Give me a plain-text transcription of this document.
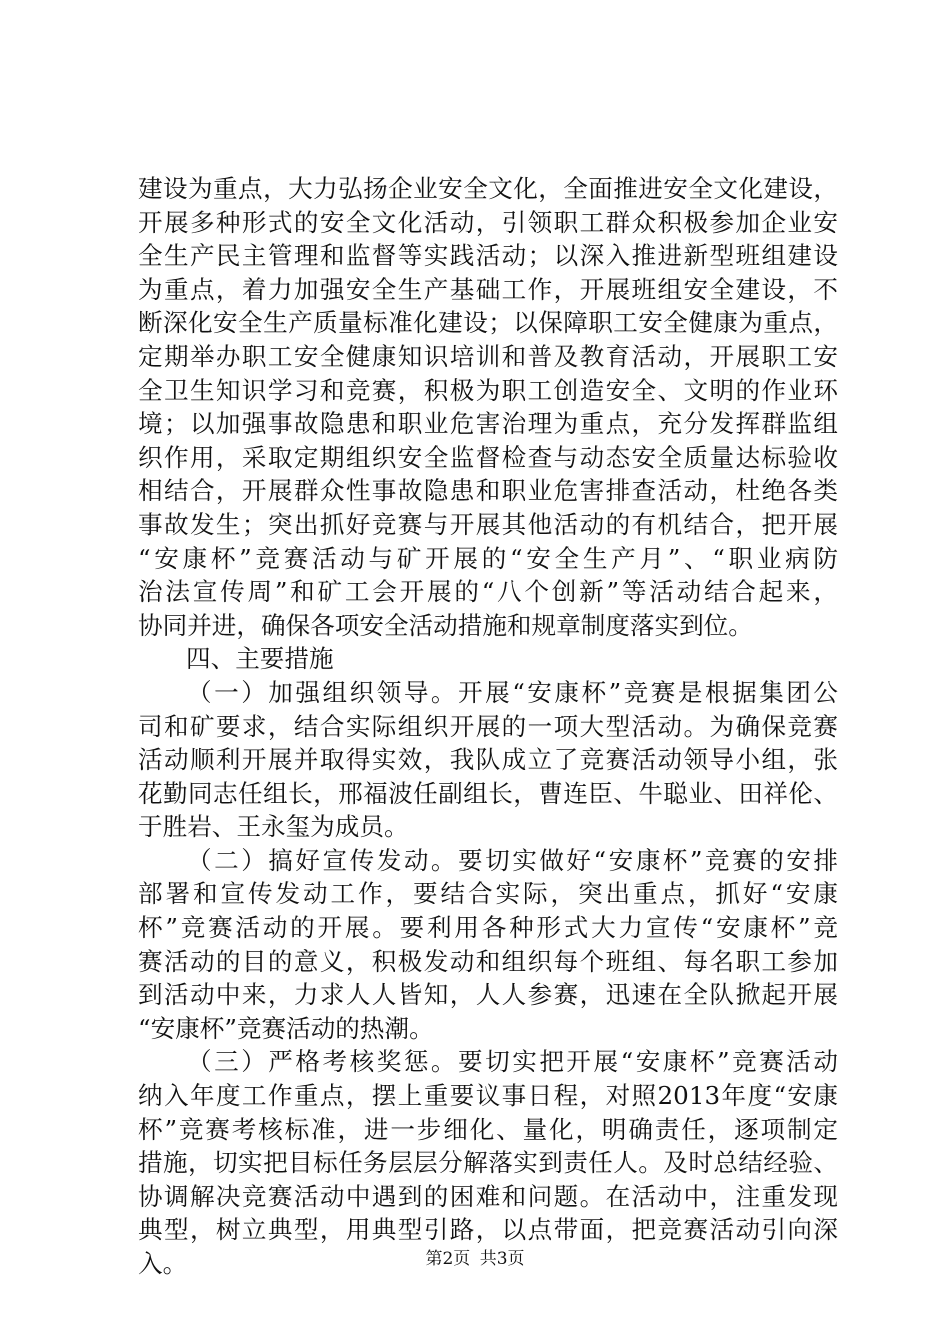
建设为重点，大力弘扬企业安全文化，全面推进安全文化建设，
开展多种形式的安全文化活动，引领职工群众积极参加企业安
全生产民主管理和监督等实践活动；以深入推进新型班组建设
为重点，着力加强安全生产基础工作，开展班组安全建设，不
断深化安全生产质量标准化建设；以保障职工安全健康为重点，
定期举办职工安全健康知识培训和普及教育活动，开展职工安
全卫生知识学习和竞赛，积极为职工创造安全、文明的作业环
境；以加强事故隐患和职业危害治理为重点，充分发挥群监组
织作用，采取定期组织安全监督检查与动态安全质量达标验收
相结合，开展群众性事故隐患和职业危害排查活动，杜绝各类
事故发生；突出抓好竞赛与开展其他活动的有机结合，把开展
“安康杯”竞赛活动与矿开展的“安全生产月”、“职业病防
治法宣传周”和矿工会开展的“八个创新”等活动结合起来，
协同并进，确保各项安全活动措施和规章制度落实到位。
四、主要措施
（一）加强组织领导。开展“安康杯”竞赛是根据集团公
司和矿要求，结合实际组织开展的一项大型活动。为确保竞赛
活动顺利开展并取得实效，我队成立了竞赛活动领导小组，张
花勤同志任组长，邢福波任副组长，曹连臣、牛聪业、田祥伦、
于胜岩、王永玺为成员。
（二）搞好宣传发动。要切实做好“安康杯”竞赛的安排
部署和宣传发动工作，要结合实际，突出重点，抓好“安康
杯”竞赛活动的开展。要利用各种形式大力宣传“安康杯”竞
赛活动的目的意义，积极发动和组织每个班组、每名职工参加
到活动中来，力求人人皆知，人人参赛，迅速在全队掀起开展
“安康杯”竞赛活动的热潮。
（三）严格考核奖惩。要切实把开展“安康杯”竞赛活动
纳入年度工作重点，摆上重要议事日程，对照2013年度“安康
杯”竞赛考核标准，进一步细化、量化，明确责任，逐项制定
措施，切实把目标任务层层分解落实到责任人。及时总结经验、
协调解决竞赛活动中遇到的困难和问题。在活动中，注重发现
典型，树立典型，用典型引路，以点带面，把竞赛活动引向深
入。	第2页 共3页
